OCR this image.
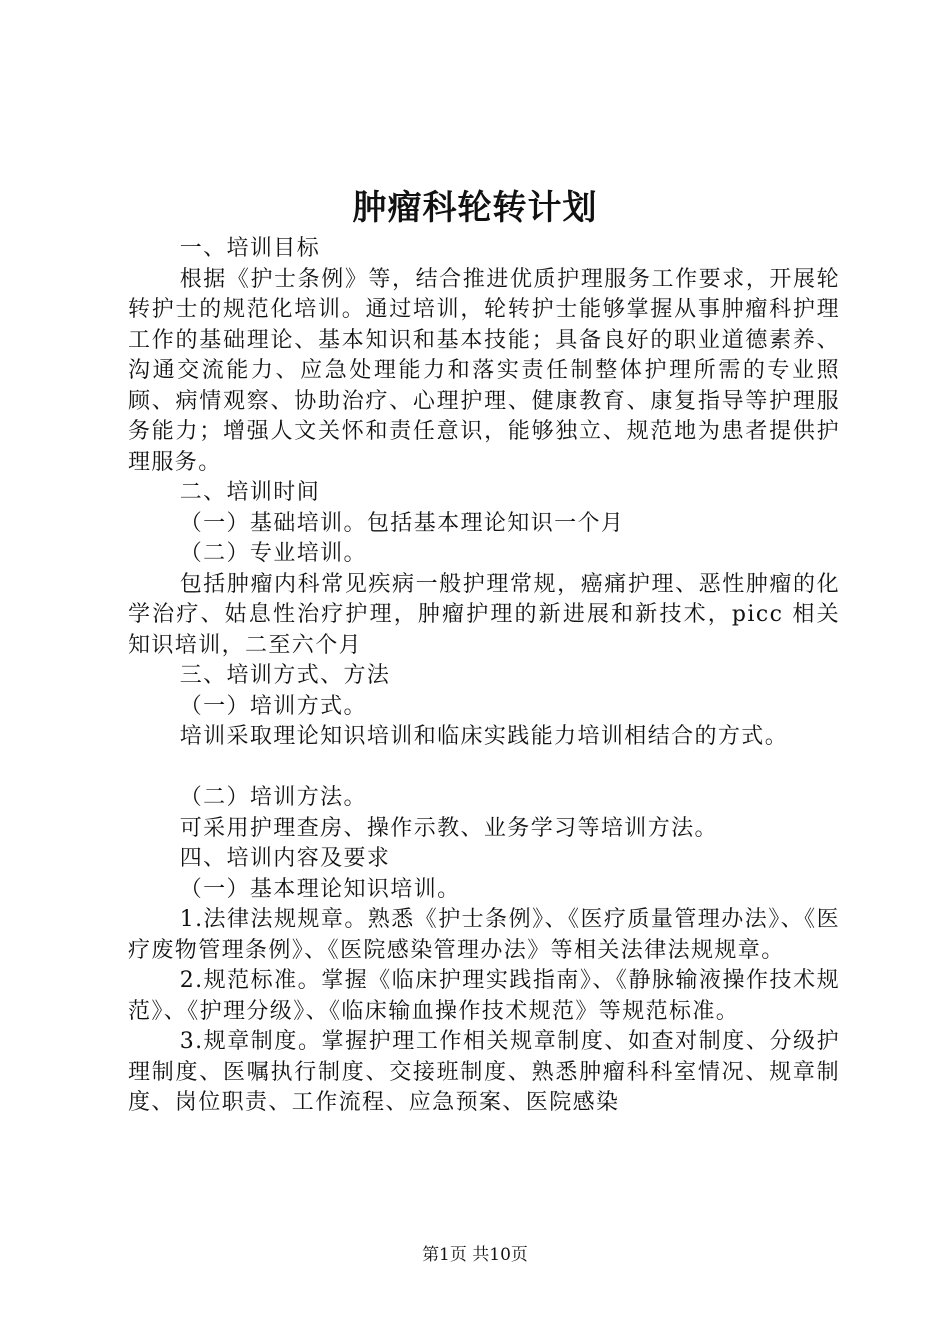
肿瘤科轮转计划

一、培训目标

根据《护士条例》等，结合推进优质护理服务工作要求，开展轮转护士的规范化培训。通过培训，轮转护士能够掌握从事肿瘤科护理工作的基础理论、基本知识和基本技能；具备良好的职业道德素养、沟通交流能力、应急处理能力和落实责任制整体护理所需的专业照顾、病情观察、协助治疗、心理护理、健康教育、康复指导等护理服务能力；增强人文关怀和责任意识，能够独立、规范地为患者提供护理服务。

二、培训时间

（一）基础培训。包括基本理论知识一个月

（二）专业培训。

包括肿瘤内科常见疾病一般护理常规，癌痛护理、恶性肿瘤的化学治疗、姑息性治疗护理，肿瘤护理的新进展和新技术，picc 相关知识培训，二至六个月

三、培训方式、方法

（一）培训方式。

培训采取理论知识培训和临床实践能力培训相结合的方式。

（二）培训方法。

可采用护理查房、操作示教、业务学习等培训方法。

四、培训内容及要求

（一）基本理论知识培训。

1.法律法规规章。熟悉《护士条例》、《医疗质量管理办法》、《医疗废物管理条例》、《医院感染管理办法》等相关法律法规规章。

2.规范标准。掌握《临床护理实践指南》、《静脉输液操作技术规范》、《护理分级》、《临床输血操作技术规范》等规范标准。

3.规章制度。掌握护理工作相关规章制度、如查对制度、分级护理制度、医嘱执行制度、交接班制度、熟悉肿瘤科科室情况、规章制度、岗位职责、工作流程、应急预案、医院感染

第1页 共10页
